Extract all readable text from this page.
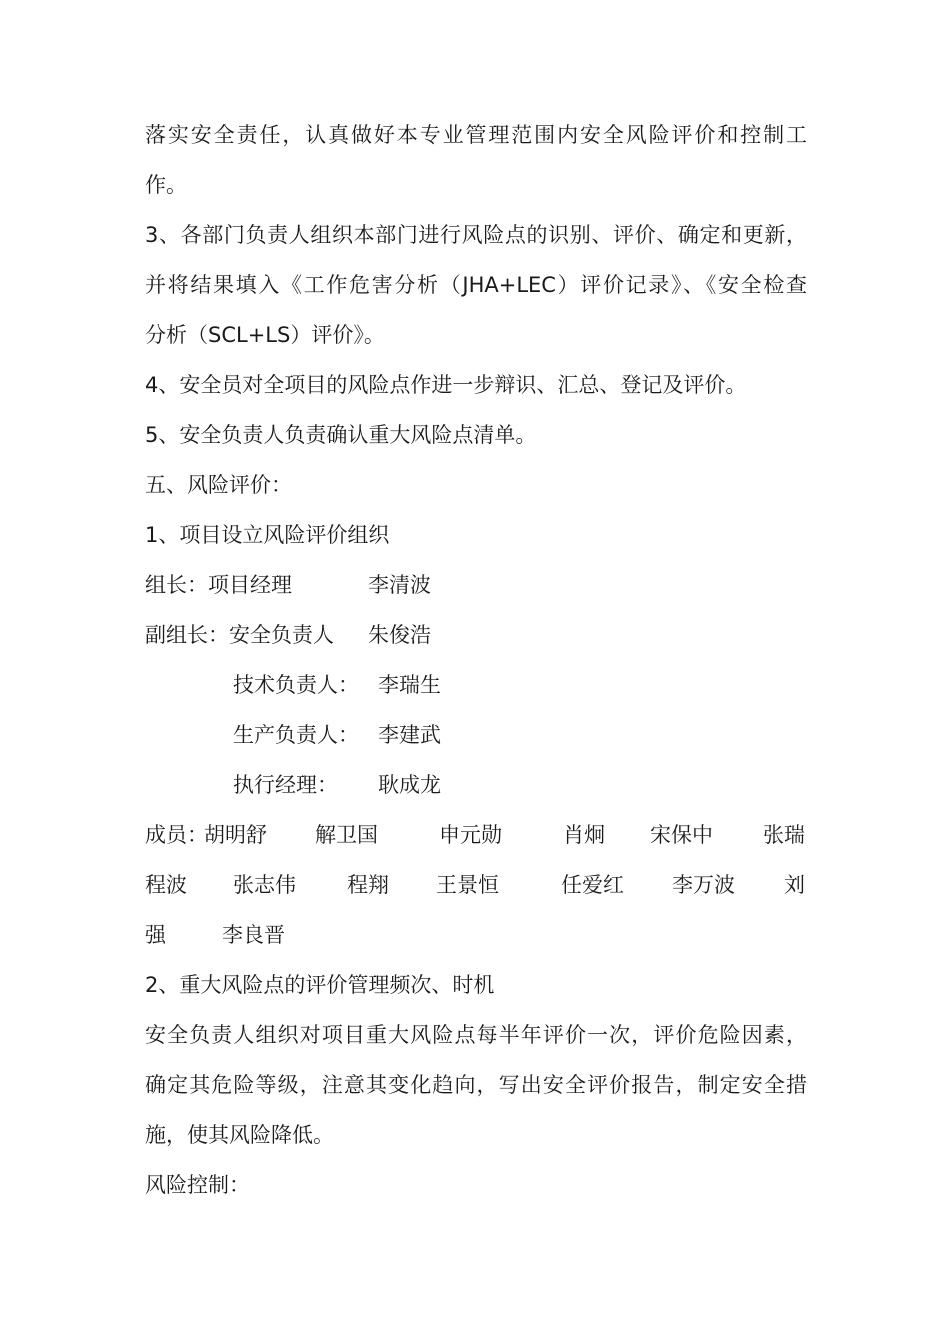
落实安全责任，认真做好本专业管理范围内安全风险评价和控制工
作。
3、各部门负责人组织本部门进行风险点的识别、评价、确定和更新，
并将结果填入《工作危害分析（JHA+LEC）评价记录》、《安全检查
分析（SCL+LS）评价》。
4、安全员对全项目的风险点作进一步辩识、汇总、登记及评价。
5、安全负责人负责确认重大风险点清单。
五、风险评价：
1、项目设立风险评价组织
组长：项目经理	李清波
副组长：安全负责人 朱俊浩
技术负责人： 李瑞生
生产负责人： 李建武
执行经理： 耿成龙
成员：
胡明舒 解卫国	申元勋	肖炯 宋保中 张瑞
程波 张志伟 程翔 王景恒	任爱红 李万波 刘
强	李良晋
2、重大风险点的评价管理频次、时机
安全负责人组织对项目重大风险点每半年评价一次，评价危险因素，
确定其危险等级，注意其变化趋向，写出安全评价报告，制定安全措
施，使其风险降低。
风险控制：
